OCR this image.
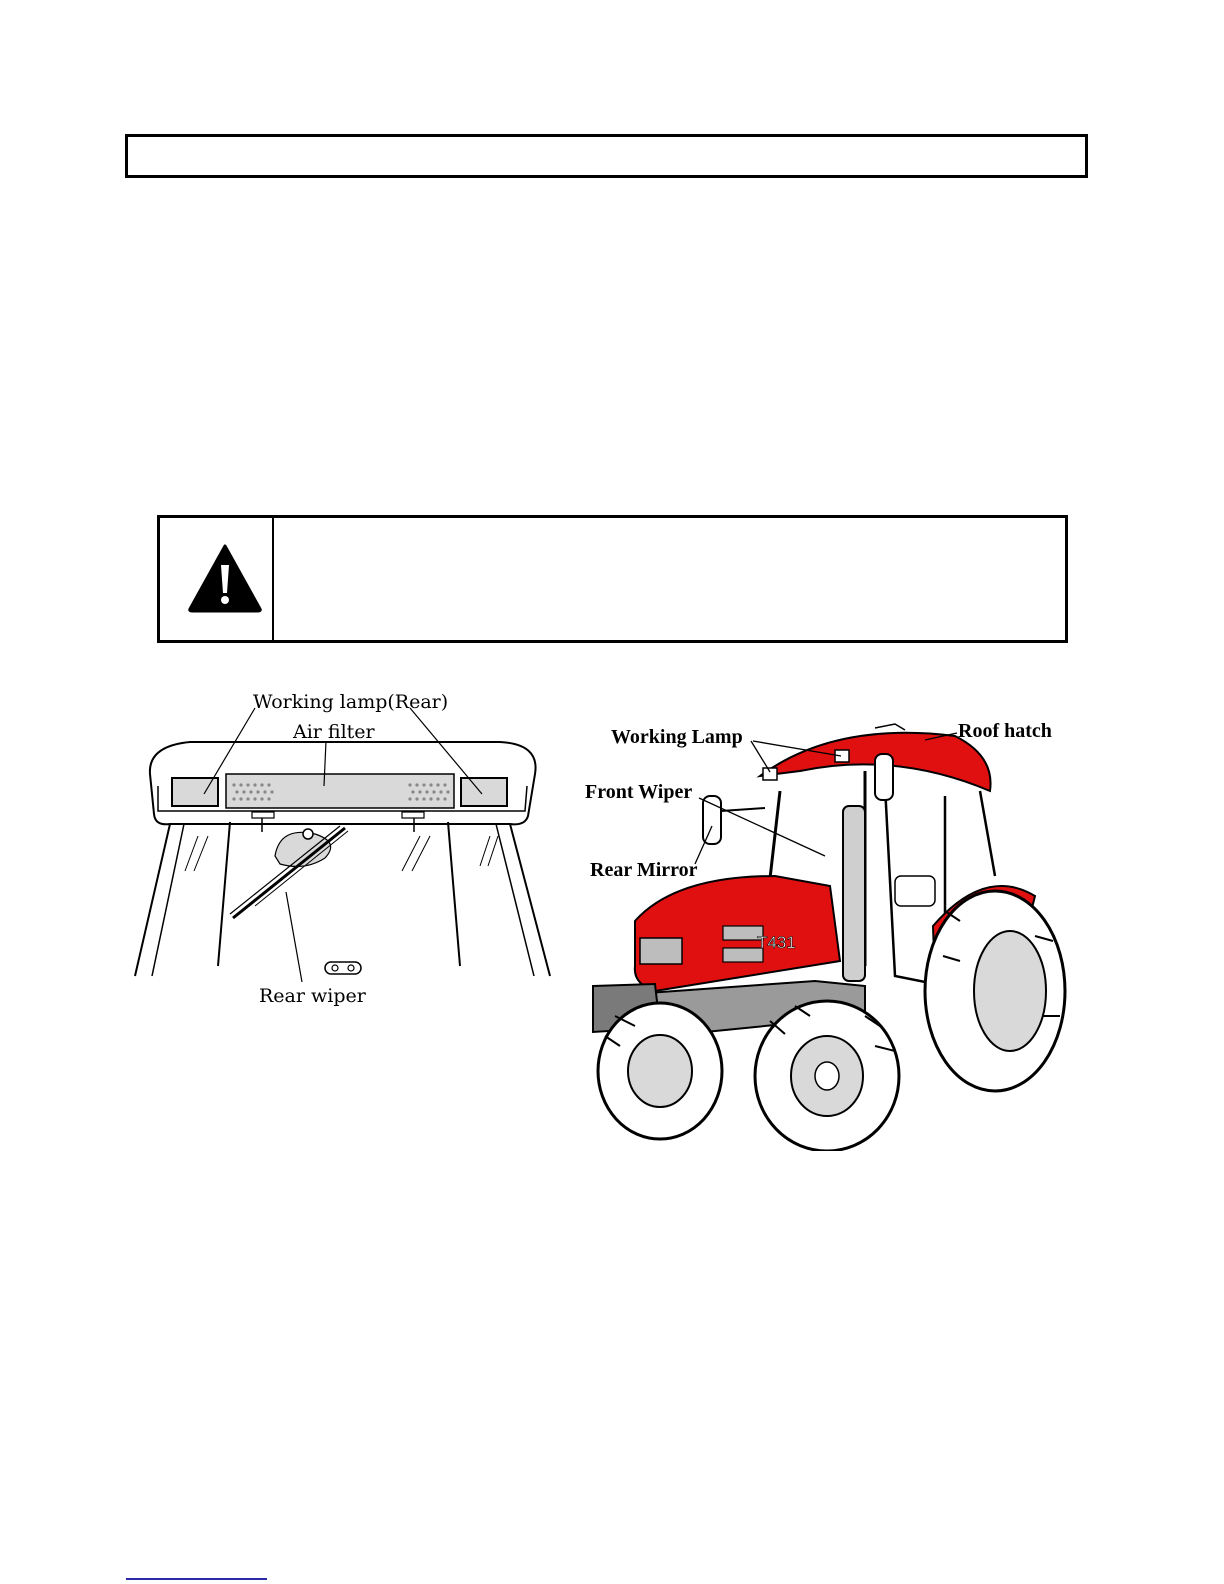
Working lamp(Rear)
Air filter
Rear wiper
T431
Working Lamp	Roof hatch
Front Wiper
Rear Mirror
